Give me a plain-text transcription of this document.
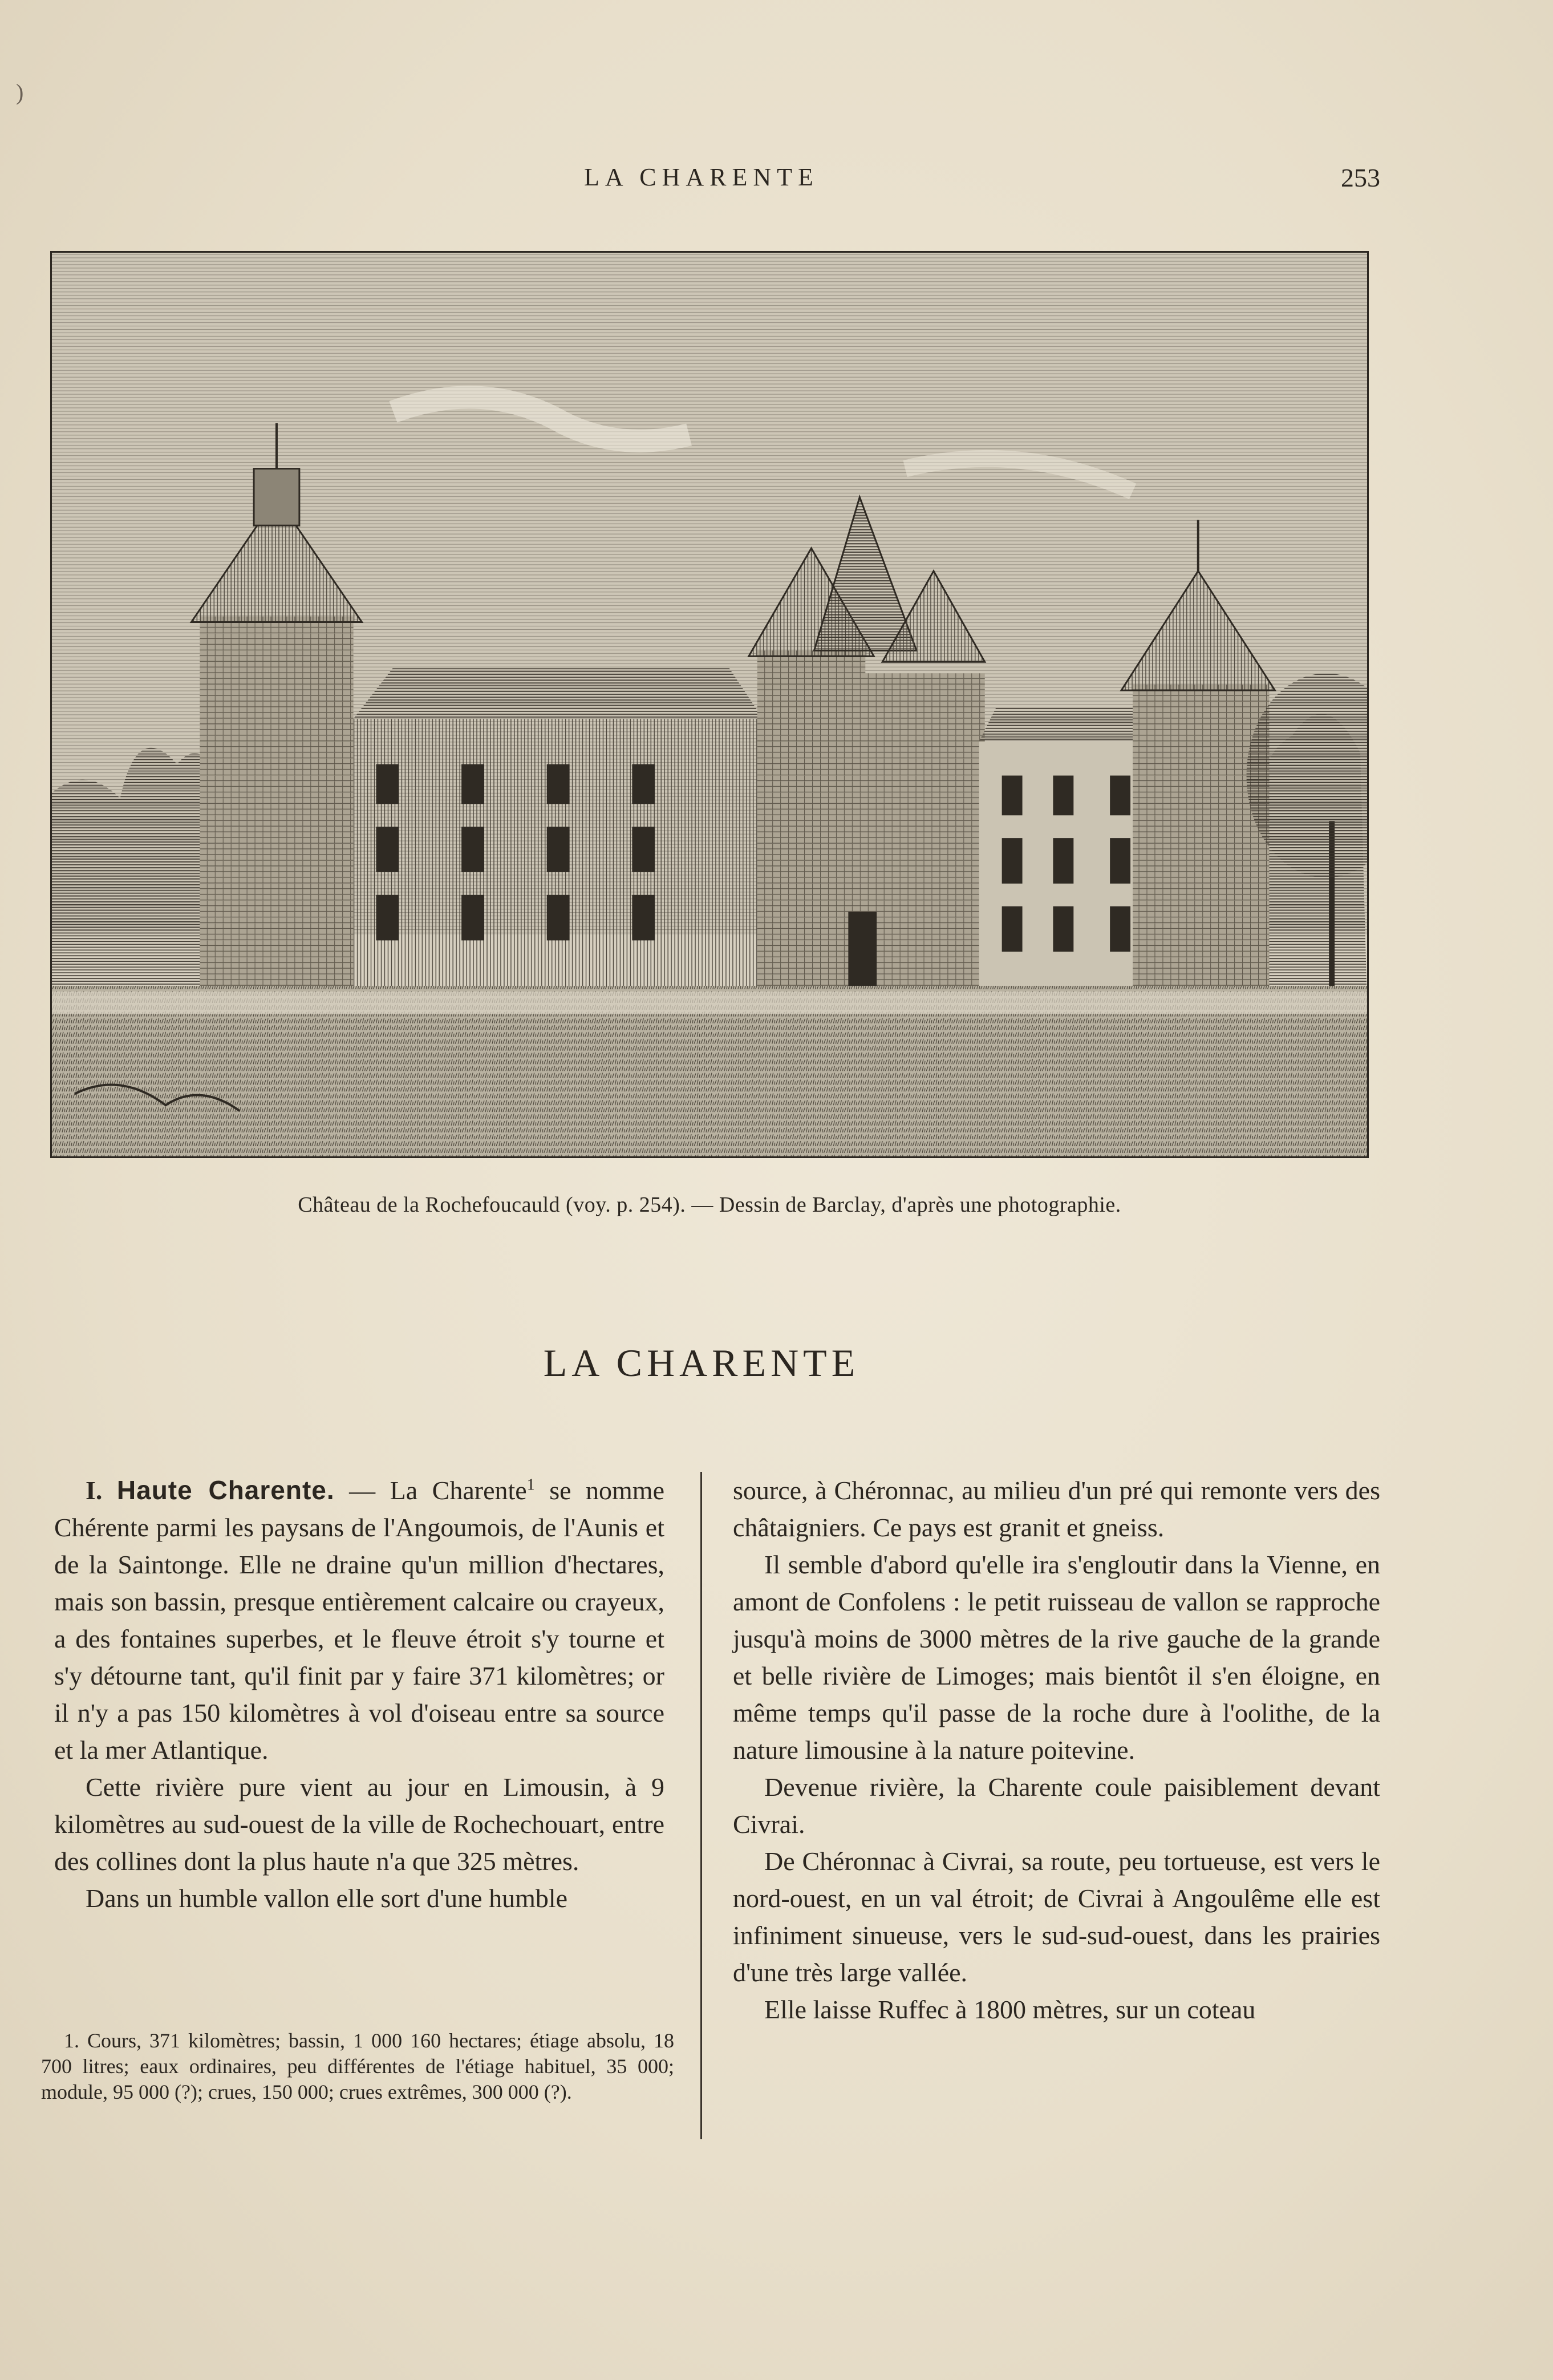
)
LA CHARENTE	253
Château de la Rochefoucauld (voy. p. 254). — Dessin de Barclay, d'après une photographie.
LA CHARENTE

I. Haute Charente. — La Charente$^1$ se nomme Chérente parmi les paysans de l'Angoumois, de l'Aunis et de la Saintonge. Elle ne draine qu'un million d'hectares, mais son bassin, presque entièrement calcaire ou crayeux, a des fontaines superbes, et le fleuve étroit s'y tourne et s'y détourne tant, qu'il finit par y faire 371 kilomètres; or il n'y a pas 150 kilomètres à vol d'oiseau entre sa source et la mer Atlantique.

Cette rivière pure vient au jour en Limousin, à 9 kilomètres au sud-ouest de la ville de Rochechouart, entre des collines dont la plus haute n'a que 325 mètres.

Dans un humble vallon elle sort d'une humble

source, à Chéronnac, au milieu d'un pré qui remonte vers des châtaigniers. Ce pays est granit et gneiss.

Il semble d'abord qu'elle ira s'engloutir dans la Vienne, en amont de Confolens : le petit ruisseau de vallon se rapproche jusqu'à moins de 3000 mètres de la rive gauche de la grande et belle rivière de Limoges; mais bientôt il s'en éloigne, en même temps qu'il passe de la roche dure à l'oolithe, de la nature limousine à la nature poitevine.

Devenue rivière, la Charente coule paisiblement devant Civrai.

De Chéronnac à Civrai, sa route, peu tortueuse, est vers le nord-ouest, en un val étroit; de Civrai à Angoulême elle est infiniment sinueuse, vers le sud-sud-ouest, dans les prairies d'une très large vallée.

Elle laisse Ruffec à 1800 mètres, sur un coteau

1. Cours, 371 kilomètres; bassin, 1 000 160 hectares; étiage absolu, 18 700 litres; eaux ordinaires, peu différentes de l'étiage habituel, 35 000; module, 95 000 (?); crues, 150 000; crues extrêmes, 300 000 (?).
